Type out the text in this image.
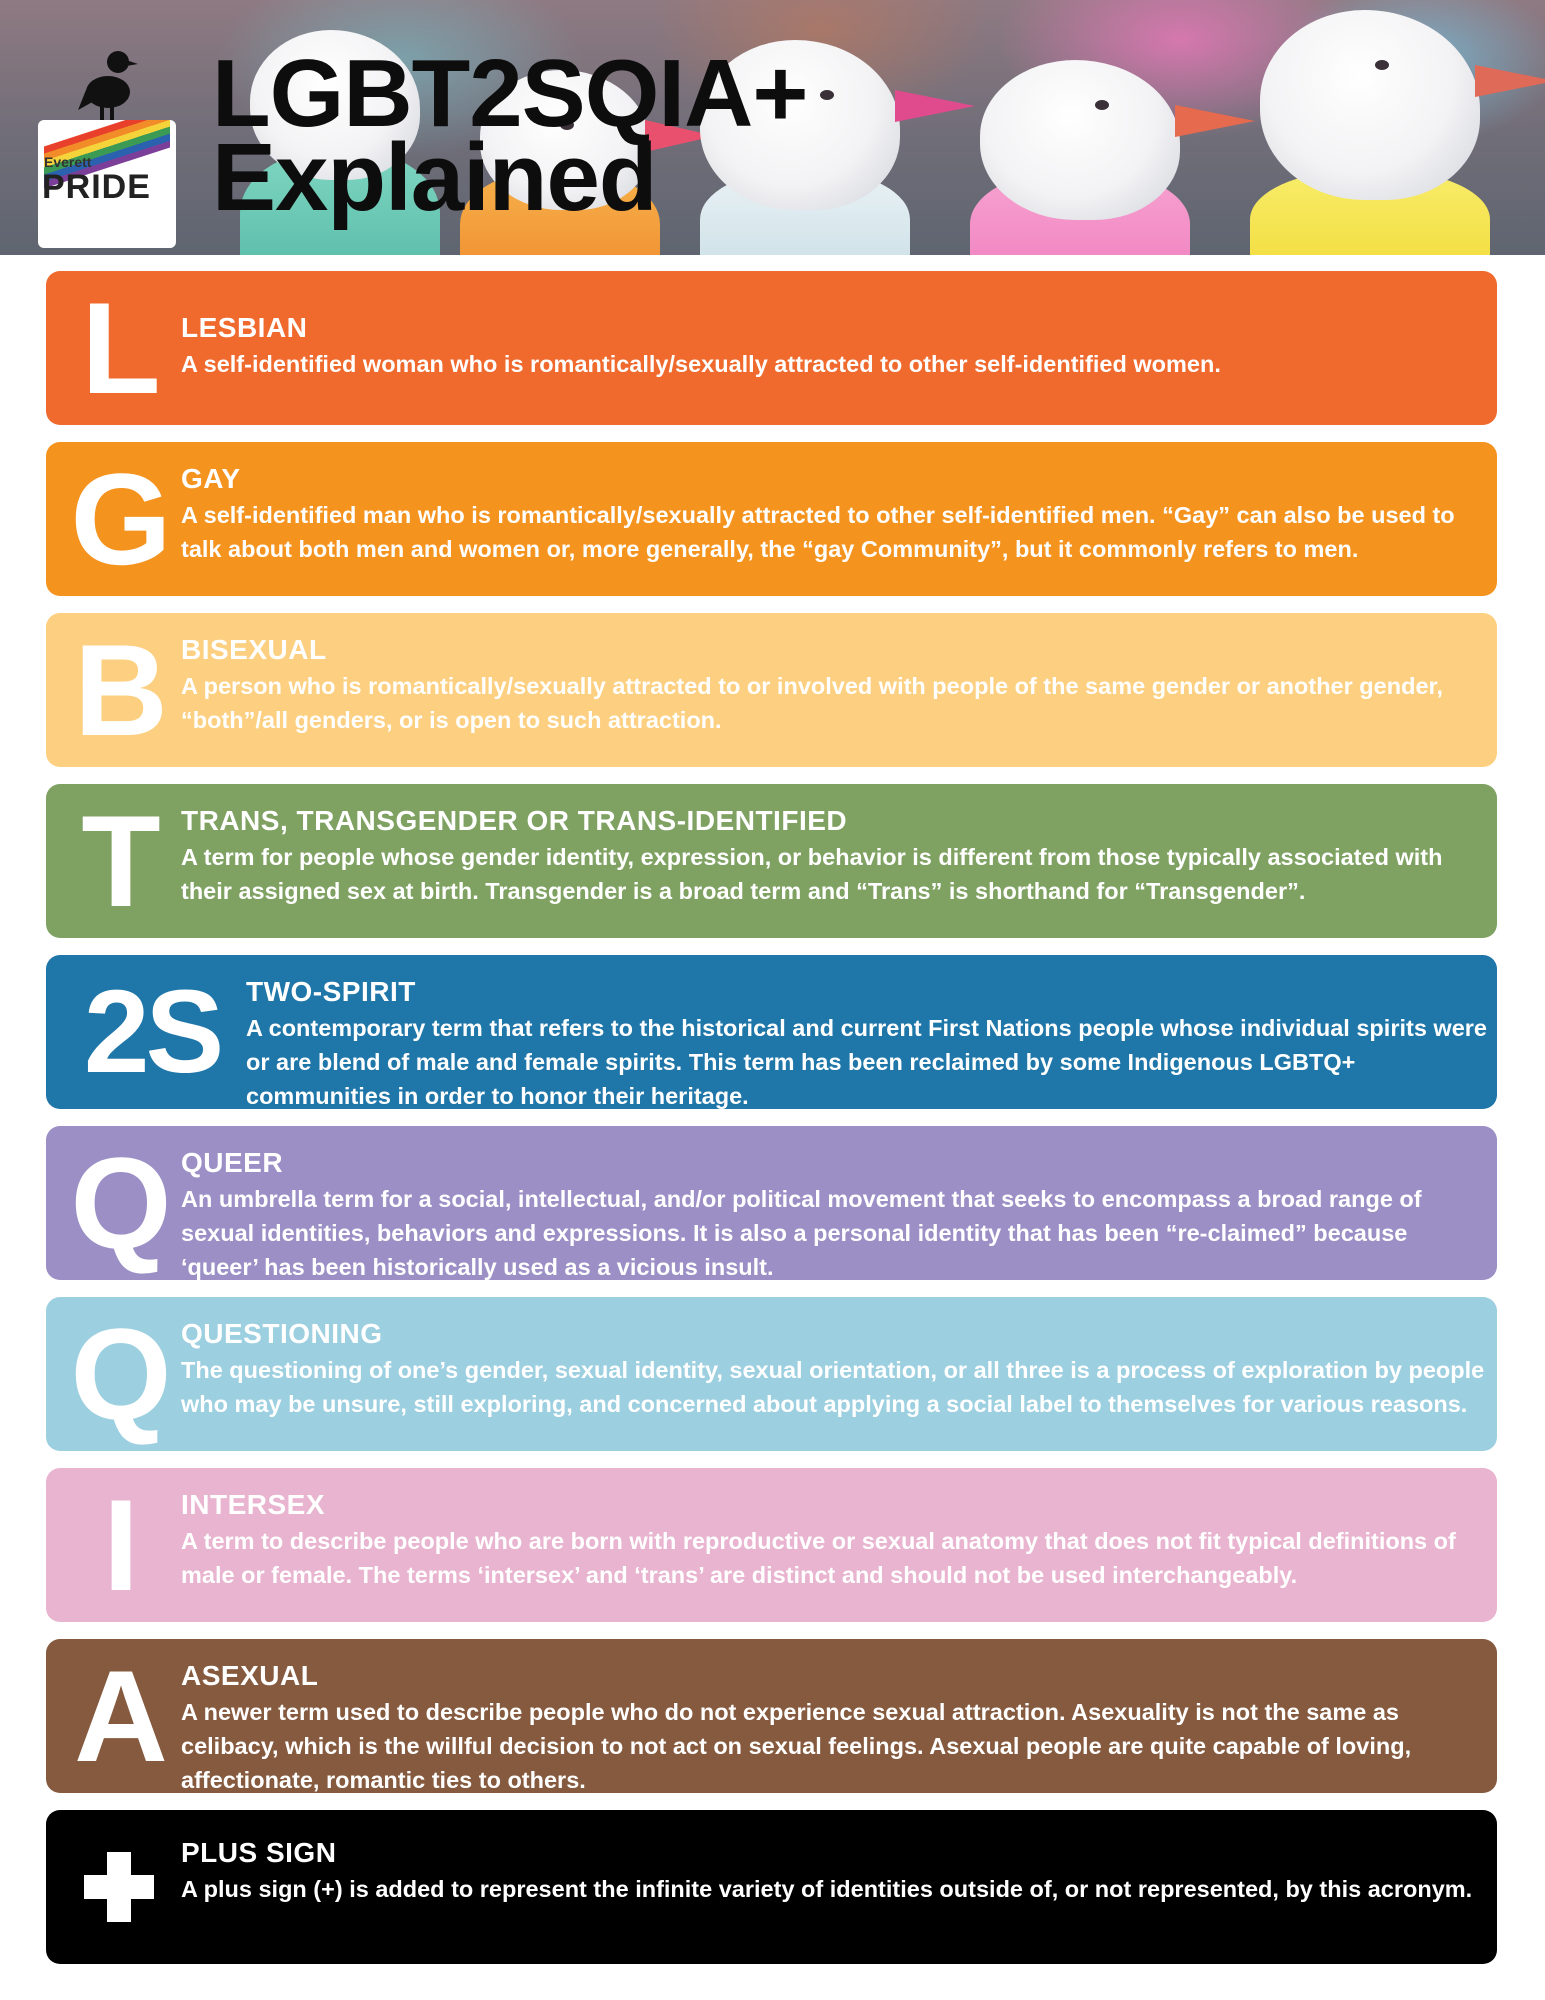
Everett
PRIDE
LGBT2SQIA+
Explained
L LESBIAN
A self-identified woman who is romantically/sexually attracted to other self-identified women.
G GAY
A self-identified man who is romantically/sexually attracted to other self-identified men. “Gay” can also be used to talk about both men and women or, more generally, the “gay Community”, but it commonly refers to men.
B BISEXUAL
A person who is romantically/sexually attracted to or involved with people of the same gender or another gender, “both”/all genders, or is open to such attraction.
T TRANS, TRANSGENDER OR TRANS-IDENTIFIED
A term for people whose gender identity, expression, or behavior is different from those typically associated with their assigned sex at birth. Transgender is a broad term and “Trans” is shorthand for “Transgender”.
2S TWO-SPIRIT
A contemporary term that refers to the historical and current First Nations people whose individual spirits were or are blend of male and female spirits. This term has been reclaimed by some Indigenous LGBTQ+ communities in order to honor their heritage.
Q QUEER
An umbrella term for a social, intellectual, and/or political movement that seeks to encompass a broad range of sexual identities, behaviors and expressions. It is also a personal identity that has been “re-claimed” because ‘queer’ has been historically used as a vicious insult.
Q QUESTIONING
The questioning of one’s gender, sexual identity, sexual orientation, or all three is a process of exploration by people who may be unsure, still exploring, and concerned about applying a social label to themselves for various reasons.
I	INTERSEX
A term to describe people who are born with reproductive or sexual anatomy that does not fit typical definitions of male or female. The terms ‘intersex’ and ‘trans’ are distinct and should not be used interchangeably.
A ASEXUAL
A newer term used to describe people who do not experience sexual attraction. Asexuality is not the same as celibacy, which is the willful decision to not act on sexual feelings. Asexual people are quite capable of loving, affectionate, romantic ties to others.
PLUS SIGN
A plus sign (+) is added to represent the infinite variety of identities outside of, or not represented, by this acronym.
